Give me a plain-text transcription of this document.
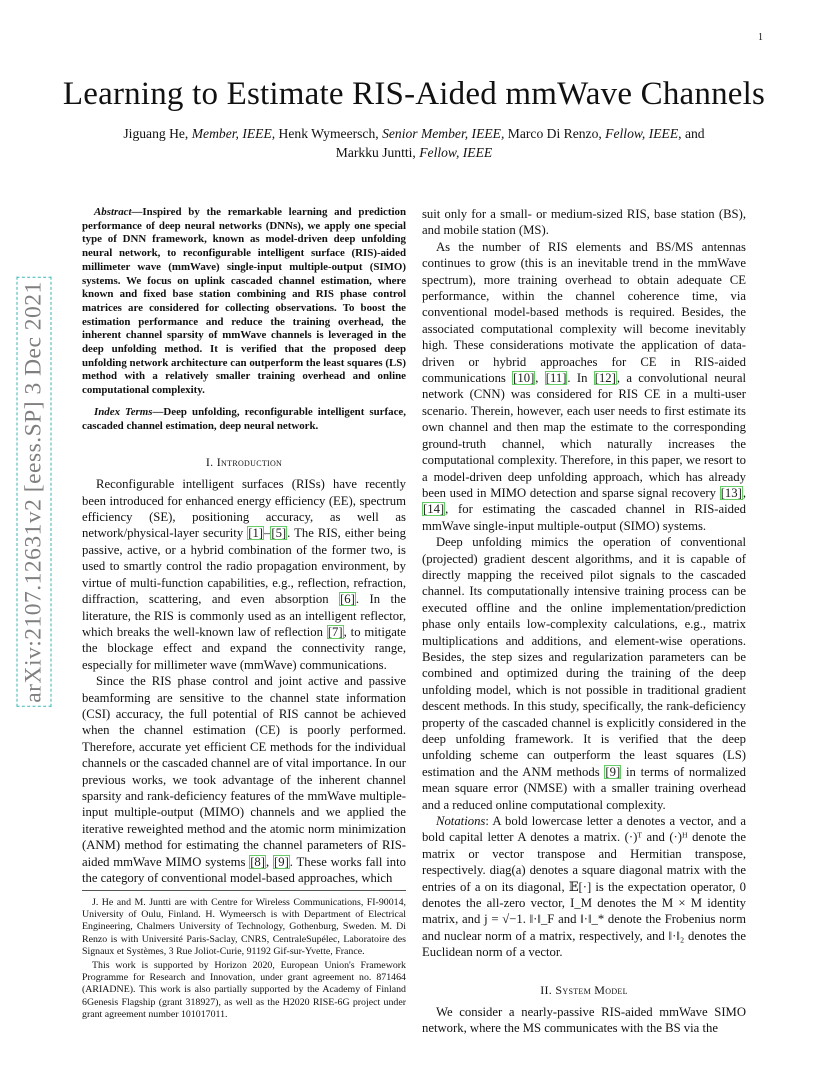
1
arXiv:2107.12631v2 [eess.SP] 3 Dec 2021
Learning to Estimate RIS-Aided mmWave Channels
Jiguang He, Member, IEEE, Henk Wymeersch, Senior Member, IEEE, Marco Di Renzo, Fellow, IEEE, and
Markku Juntti, Fellow, IEEE

Abstract—Inspired by the remarkable learning and prediction performance of deep neural networks (DNNs), we apply one special type of DNN framework, known as model-driven deep unfolding neural network, to reconfigurable intelligent surface (RIS)-aided millimeter wave (mmWave) single-input multiple-output (SIMO) systems. We focus on uplink cascaded channel estimation, where known and fixed base station combining and RIS phase control matrices are considered for collecting observations. To boost the estimation performance and reduce the training overhead, the inherent channel sparsity of mmWave channels is leveraged in the deep unfolding method. It is verified that the proposed deep unfolding network architecture can outperform the least squares (LS) method with a relatively smaller training overhead and online computational complexity.

Index Terms—Deep unfolding, reconfigurable intelligent surface, cascaded channel estimation, deep neural network.

I. Introduction

Reconfigurable intelligent surfaces (RISs) have recently been introduced for enhanced energy efficiency (EE), spectrum efficiency (SE), positioning accuracy, as well as network/physical-layer security [1]–[5]. The RIS, either being passive, active, or a hybrid combination of the former two, is used to smartly control the radio propagation environment, by virtue of multi-function capabilities, e.g., reflection, refraction, diffraction, scattering, and even absorption [6]. In the literature, the RIS is commonly used as an intelligent reflector, which breaks the well-known law of reflection [7], to mitigate the blockage effect and expand the connectivity range, especially for millimeter wave (mmWave) communications.

Since the RIS phase control and joint active and passive beamforming are sensitive to the channel state information (CSI) accuracy, the full potential of RIS cannot be achieved when the channel estimation (CE) is poorly performed. Therefore, accurate yet efficient CE methods for the individual channels or the cascaded channel are of vital importance. In our previous works, we took advantage of the inherent channel sparsity and rank-deficiency features of the mmWave multiple-input multiple-output (MIMO) channels and we applied the iterative reweighted method and the atomic norm minimization (ANM) method for estimating the channel parameters of RIS-aided mmWave MIMO systems [8], [9]. These works fall into the category of conventional model-based approaches, which

J. He and M. Juntti are with Centre for Wireless Communications, FI-90014, University of Oulu, Finland. H. Wymeersch is with Department of Electrical Engineering, Chalmers University of Technology, Gothenburg, Sweden. M. Di Renzo is with Université Paris-Saclay, CNRS, CentraleSupélec, Laboratoire des Signaux et Systèmes, 3 Rue Joliot-Curie, 91192 Gif-sur-Yvette, France.

This work is supported by Horizon 2020, European Union's Framework Programme for Research and Innovation, under grant agreement no. 871464 (ARIADNE). This work is also partially supported by the Academy of Finland 6Genesis Flagship (grant 318927), as well as the H2020 RISE-6G project under grant agreement number 101017011.

suit only for a small- or medium-sized RIS, base station (BS), and mobile station (MS).

As the number of RIS elements and BS/MS antennas continues to grow (this is an inevitable trend in the mmWave spectrum), more training overhead to obtain adequate CE performance, within the channel coherence time, via conventional model-based methods is required. Besides, the associated computational complexity will become inevitably high. These considerations motivate the application of data-driven or hybrid approaches for CE in RIS-aided communications [10], [11]. In [12], a convolutional neural network (CNN) was considered for RIS CE in a multi-user scenario. Therein, however, each user needs to first estimate its own channel and then map the estimate to the corresponding ground-truth channel, which naturally increases the computational complexity. Therefore, in this paper, we resort to a model-driven deep unfolding approach, which has already been used in MIMO detection and sparse signal recovery [13], [14], for estimating the cascaded channel in RIS-aided mmWave single-input multiple-output (SIMO) systems.

Deep unfolding mimics the operation of conventional (projected) gradient descent algorithms, and it is capable of directly mapping the received pilot signals to the cascaded channel. Its computationally intensive training process can be executed offline and the online implementation/prediction phase only entails low-complexity calculations, e.g., matrix multiplications and additions, and element-wise operations. Besides, the step sizes and regularization parameters can be combined and optimized during the training of the deep unfolding model, which is not possible in traditional gradient descent methods. In this study, specifically, the rank-deficiency property of the cascaded channel is explicitly considered in the deep unfolding framework. It is verified that the deep unfolding scheme can outperform the least squares (LS) estimation and the ANM methods [9] in terms of normalized mean square error (NMSE) with a smaller training overhead and a reduced online computational complexity.

Notations: A bold lowercase letter a denotes a vector, and a bold capital letter A denotes a matrix. (·)ᵀ and (·)ᴴ denote the matrix or vector transpose and Hermitian transpose, respectively. diag(a) denotes a square diagonal matrix with the entries of a on its diagonal, 𝔼[·] is the expectation operator, 0 denotes the all-zero vector, I_M denotes the M × M identity matrix, and j = √−1. ‖·‖_F and ‖·‖_* denote the Frobenius norm and nuclear norm of a matrix, respectively, and ‖·‖₂ denotes the Euclidean norm of a vector.

II. System Model

We consider a nearly-passive RIS-aided mmWave SIMO network, where the MS communicates with the BS via the
